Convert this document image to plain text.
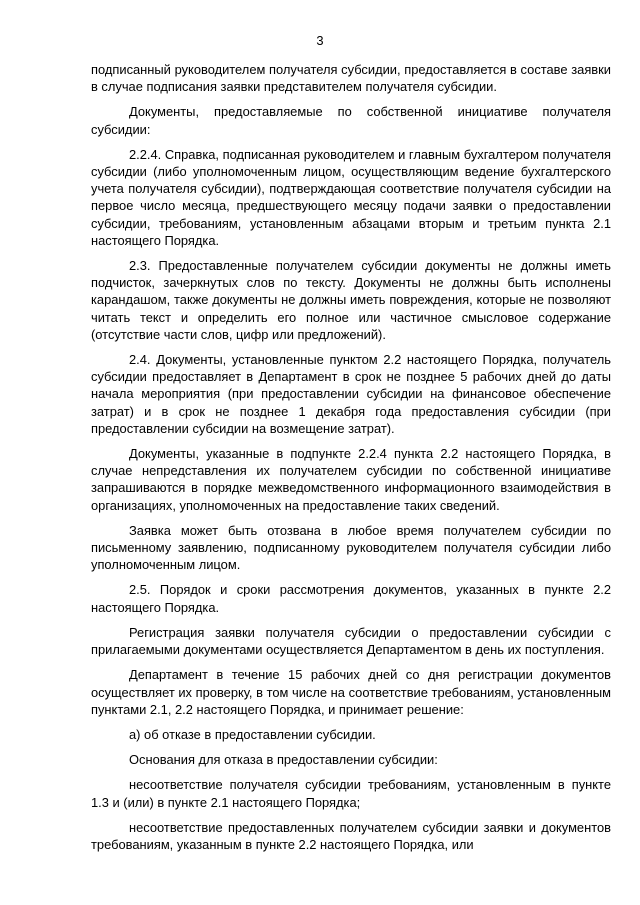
3

подписанный руководителем получателя субсидии, предоставляется в составе заявки в случае подписания заявки представителем получателя субсидии.

Документы, предоставляемые по собственной инициативе получателя субсидии:

2.2.4. Справка, подписанная руководителем и главным бухгалтером получателя субсидии (либо уполномоченным лицом, осуществляющим ведение бухгалтерского учета получателя субсидии), подтверждающая соответствие получателя субсидии на первое число месяца, предшествующего месяцу подачи заявки о предоставлении субсидии, требованиям, установленным абзацами вторым и третьим пункта 2.1 настоящего Порядка.

2.3. Предоставленные получателем субсидии документы не должны иметь подчисток, зачеркнутых слов по тексту. Документы не должны быть исполнены карандашом, также документы не должны иметь повреждения, которые не позволяют читать текст и определить его полное или частичное смысловое содержание (отсутствие части слов, цифр или предложений).

2.4. Документы, установленные пунктом 2.2 настоящего Порядка, получатель субсидии предоставляет в Департамент в срок не позднее 5 рабочих дней до даты начала мероприятия (при предоставлении субсидии на финансовое обеспечение затрат) и в срок не позднее 1 декабря года предоставления субсидии (при предоставлении субсидии на возмещение затрат).

Документы, указанные в подпункте 2.2.4 пункта 2.2 настоящего Порядка, в случае непредставления их получателем субсидии по собственной инициативе запрашиваются в порядке межведомственного информационного взаимодействия в организациях, уполномоченных на предоставление таких сведений.

Заявка может быть отозвана в любое время получателем субсидии по письменному заявлению, подписанному руководителем получателя субсидии либо уполномоченным лицом.

2.5. Порядок и сроки рассмотрения документов, указанных в пункте 2.2 настоящего Порядка.

Регистрация заявки получателя субсидии о предоставлении субсидии с прилагаемыми документами осуществляется Департаментом в день их поступления.

Департамент в течение 15 рабочих дней со дня регистрации документов осуществляет их проверку, в том числе на соответствие требованиям, установленным пунктами 2.1, 2.2 настоящего Порядка, и принимает решение:

а) об отказе в предоставлении субсидии.

Основания для отказа в предоставлении субсидии:

несоответствие получателя субсидии требованиям, установленным в пункте 1.3 и (или) в пункте 2.1 настоящего Порядка;

несоответствие предоставленных получателем субсидии заявки и документов требованиям, указанным в пункте 2.2 настоящего Порядка, или
